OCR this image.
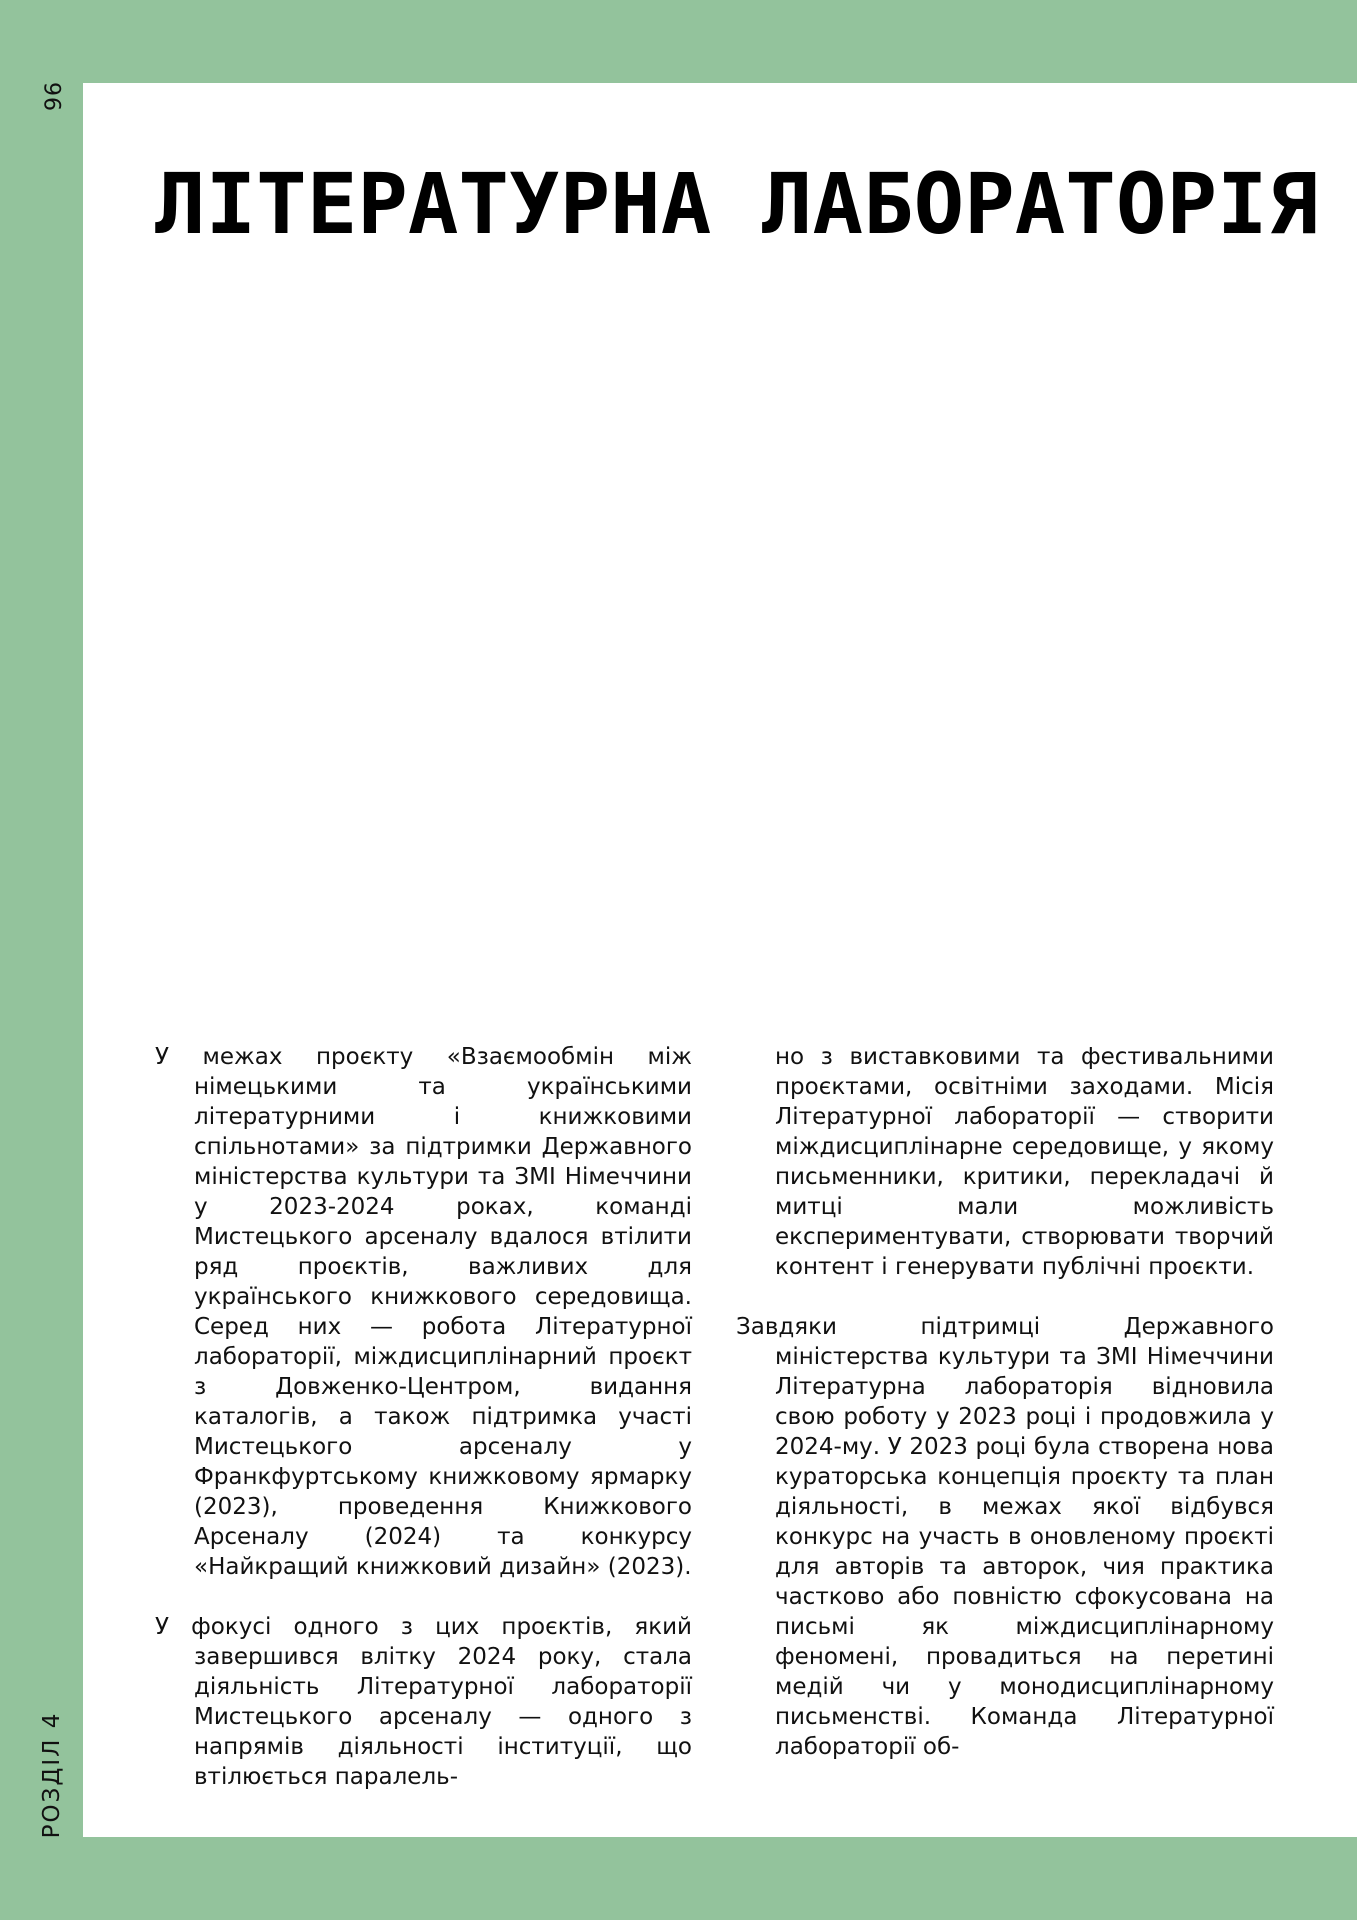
96
РОЗДІЛ 4
ЛІТЕРАТУРНА ЛАБОРАТОРІЯ

У межах проєкту «Взаємообмін між німецькими та українськими літературними і книжковими спільнотами» за підтримки Державного міністерства культури та ЗМІ Німеччини у 2023-2024 роках, команді Мистецького арсеналу вдалося втілити ряд проєктів, важливих для українського книжкового середовища. Серед них — робота Літературної лабораторії, міждисциплінарний проєкт з Довженко-Центром, видання каталогів, а також підтримка участі Мистецького арсеналу у Франкфуртському книжковому ярмарку (2023), проведення Книжкового Арсеналу (2024) та конкурсу «Найкращий книжковий дизайн» (2023).

У фокусі одного з цих проєктів, який завершився влітку 2024 року, стала діяльність Літературної лабораторії Мистецького арсеналу — одного з напрямів діяльності інституції, що втілюється паралель-

но з виставковими та фестивальними проєктами, освітніми заходами. Місія Літературної лабораторії — створити міждисциплінарне середовище, у якому письменники, критики, перекладачі й митці мали можливість експериментувати, створювати творчий контент і генерувати публічні проєкти.

Завдяки підтримці Державного міністерства культури та ЗМІ Німеччини Літературна лабораторія відновила свою роботу у 2023 році і продовжила у 2024-му. У 2023 році була створена нова кураторська концепція проєкту та план діяльності, в межах якої відбувся конкурс на участь в оновленому проєкті для авторів та авторок, чия практика частково або повністю сфокусована на письмі як міждисциплінарному феномені, провадиться на перетині медій чи у монодисциплінарному письменстві. Команда Літературної лабораторії об-
